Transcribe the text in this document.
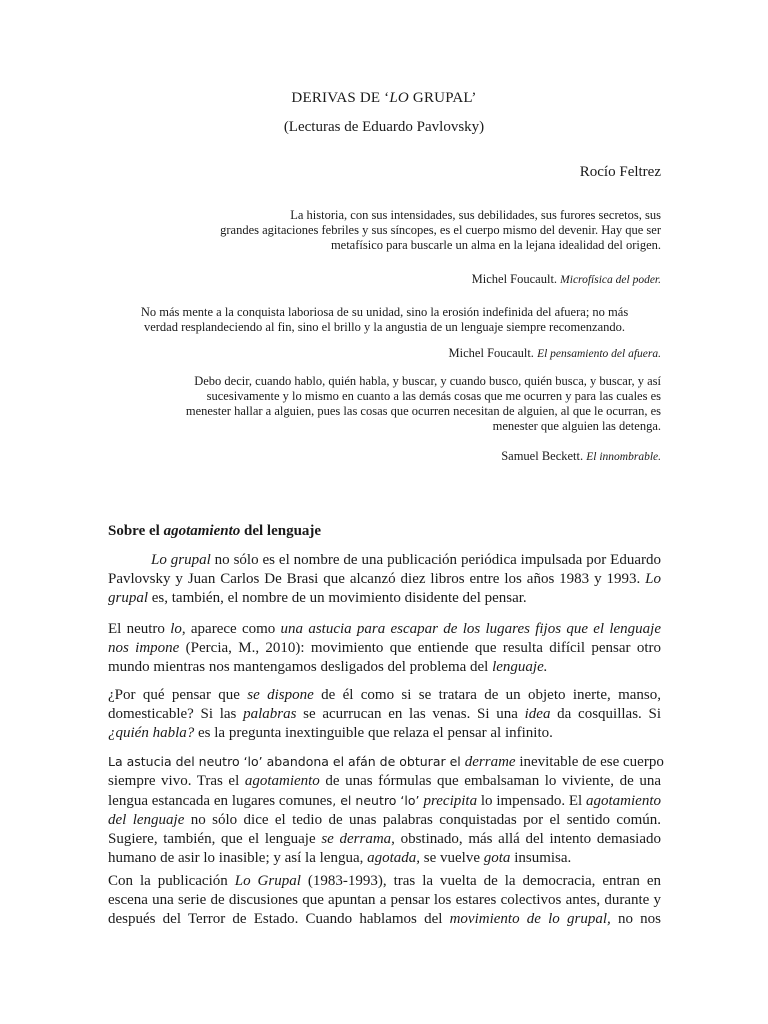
DERIVAS DE ‘LO GRUPAL’
(Lecturas de Eduardo Pavlovsky)
Rocío Feltrez
La historia, con sus intensidades, sus debilidades, sus furores secretos, sus
grandes agitaciones febriles y sus síncopes, es el cuerpo mismo del devenir. Hay que ser
metafísico para buscarle un alma en la lejana idealidad del origen.
Michel Foucault. Microfísica del poder.
No más mente a la conquista laboriosa de su unidad, sino la erosión indefinida del afuera; no más
verdad resplandeciendo al fin, sino el brillo y la angustia de un lenguaje siempre recomenzando.
Michel Foucault. El pensamiento del afuera.
Debo decir, cuando hablo, quién habla, y buscar, y cuando busco, quién busca, y buscar, y así
sucesivamente y lo mismo en cuanto a las demás cosas que me ocurren y para las cuales es
menester hallar a alguien, pues las cosas que ocurren necesitan de alguien, al que le ocurran, es
menester que alguien las detenga.
Samuel Beckett. El innombrable.
Sobre el agotamiento del lenguaje
Lo grupal no sólo es el nombre de una publicación periódica impulsada por Eduardo
Pavlovsky y Juan Carlos De Brasi que alcanzó diez libros entre los años 1983 y 1993. Lo
grupal es, también, el nombre de un movimiento disidente del pensar.
El neutro lo, aparece como una astucia para escapar de los lugares fijos que el lenguaje
nos impone (Percia, M., 2010): movimiento que entiende que resulta difícil pensar otro
mundo mientras nos mantengamos desligados del problema del lenguaje.
¿Por qué pensar que se dispone de él como si se tratara de un objeto inerte, manso,
domesticable? Si las palabras se acurrucan en las venas. Si una idea da cosquillas. Si
¿quién habla? es la pregunta inextinguible que relaza el pensar al infinito.
La astucia del neutro ‘lo’ abandona el afán de obturar el derrame inevitable de ese cuerpo
siempre vivo. Tras el agotamiento de unas fórmulas que embalsaman lo viviente, de una
lengua estancada en lugares comunes, el neutro ‘lo’ precipita lo impensado. El agotamiento
del lenguaje no sólo dice el tedio de unas palabras conquistadas por el sentido común.
Sugiere, también, que el lenguaje se derrama, obstinado, más allá del intento demasiado
humano de asir lo inasible; y así la lengua, agotada, se vuelve gota insumisa.
Con la publicación Lo Grupal (1983-1993), tras la vuelta de la democracia, entran en
escena una serie de discusiones que apuntan a pensar los estares colectivos antes, durante y
después del Terror de Estado. Cuando hablamos del movimiento de lo grupal, no nos
